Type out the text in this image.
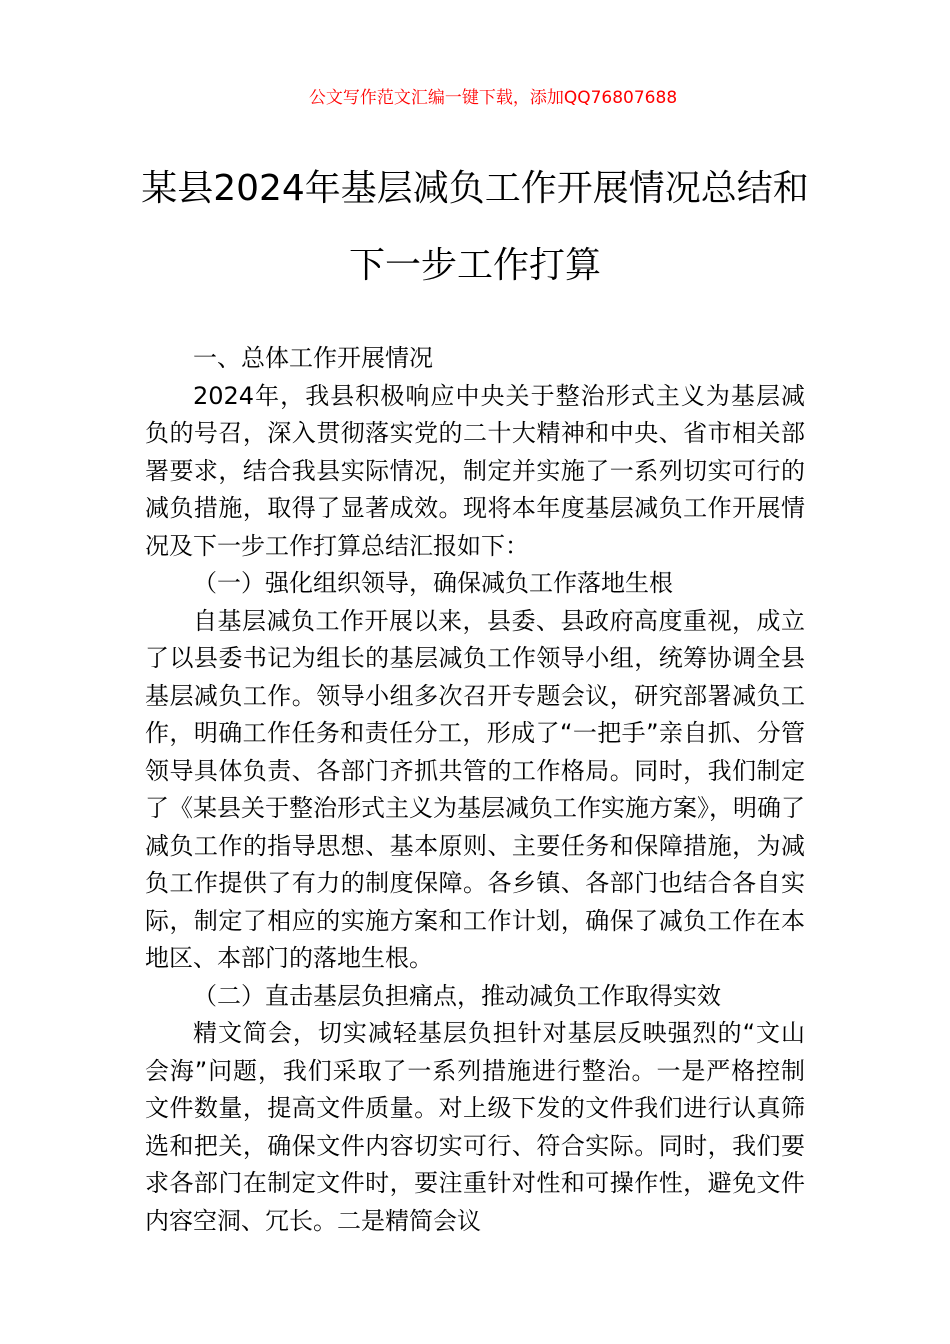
公文写作范文汇编一键下载，添加QQ76807688
某县2024年基层减负工作开展情况总结和
下一步工作打算

一、总体工作开展情况

2024年，我县积极响应中央关于整治形式主义为基层减负的号召，深入贯彻落实党的二十大精神和中央、省市相关部署要求，结合我县实际情况，制定并实施了一系列切实可行的减负措施，取得了显著成效。现将本年度基层减负工作开展情况及下一步工作打算总结汇报如下：

（一）强化组织领导，确保减负工作落地生根

自基层减负工作开展以来，县委、县政府高度重视，成立了以县委书记为组长的基层减负工作领导小组，统筹协调全县基层减负工作。领导小组多次召开专题会议，研究部署减负工作，明确工作任务和责任分工，形成了“一把手”亲自抓、分管领导具体负责、各部门齐抓共管的工作格局。同时，我们制定了《某县关于整治形式主义为基层减负工作实施方案》，明确了减负工作的指导思想、基本原则、主要任务和保障措施，为减负工作提供了有力的制度保障。各乡镇、各部门也结合各自实际，制定了相应的实施方案和工作计划，确保了减负工作在本地区、本部门的落地生根。

（二）直击基层负担痛点，推动减负工作取得实效

精文简会，切实减轻基层负担针对基层反映强烈的“文山会海”问题，我们采取了一系列措施进行整治。一是严格控制文件数量，提高文件质量。对上级下发的文件我们进行认真筛选和把关，确保文件内容切实可行、符合实际。同时，我们要求各部门在制定文件时，要注重针对性和可操作性，避免文件内容空洞、冗长。二是精简会议
